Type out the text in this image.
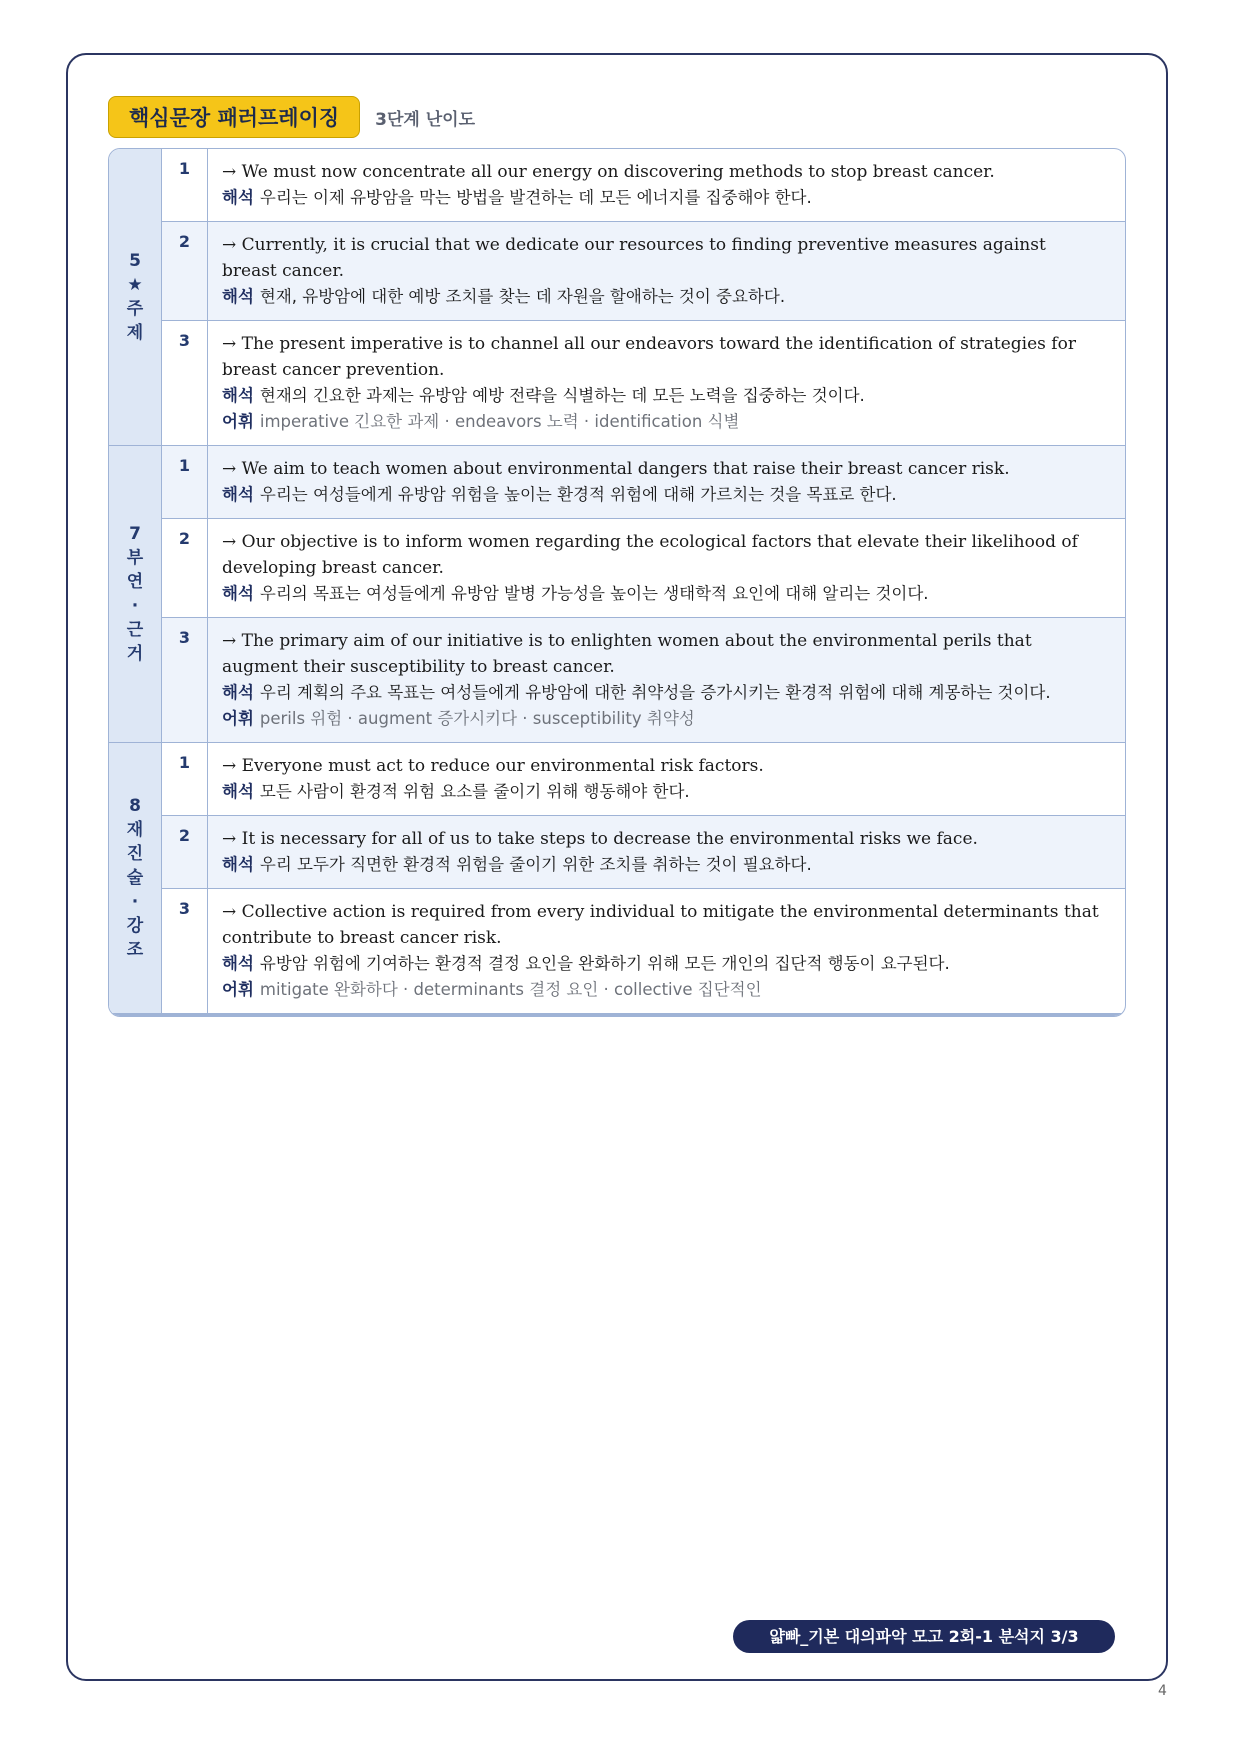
핵심문장 패러프레이징	3단계 난이도
5★주제
1	→ We must now concentrate all our energy on discovering methods to stop breast cancer.
해석 우리는 이제 유방암을 막는 방법을 발견하는 데 모든 에너지를 집중해야 한다.
2	→ Currently, it is crucial that we dedicate our resources to finding preventive measures against breast cancer.
해석 현재, 유방암에 대한 예방 조치를 찾는 데 자원을 할애하는 것이 중요하다.
3	→ The present imperative is to channel all our endeavors toward the identification of strategies for breast cancer prevention.
해석 현재의 긴요한 과제는 유방암 예방 전략을 식별하는 데 모든 노력을 집중하는 것이다.
어휘 imperative 긴요한 과제 · endeavors 노력 · identification 식별
7부연·근거
1	→ We aim to teach women about environmental dangers that raise their breast cancer risk.
해석 우리는 여성들에게 유방암 위험을 높이는 환경적 위험에 대해 가르치는 것을 목표로 한다.
2	→ Our objective is to inform women regarding the ecological factors that elevate their likelihood of developing breast cancer.
해석 우리의 목표는 여성들에게 유방암 발병 가능성을 높이는 생태학적 요인에 대해 알리는 것이다.
3	→ The primary aim of our initiative is to enlighten women about the environmental perils that augment their susceptibility to breast cancer.
해석 우리 계획의 주요 목표는 여성들에게 유방암에 대한 취약성을 증가시키는 환경적 위험에 대해 계몽하는 것이다.
어휘 perils 위험 · augment 증가시키다 · susceptibility 취약성
8재진술·강조
1	→ Everyone must act to reduce our environmental risk factors.
해석 모든 사람이 환경적 위험 요소를 줄이기 위해 행동해야 한다.
2	→ It is necessary for all of us to take steps to decrease the environmental risks we face.
해석 우리 모두가 직면한 환경적 위험을 줄이기 위한 조치를 취하는 것이 필요하다.
3	→ Collective action is required from every individual to mitigate the environmental determinants that contribute to breast cancer risk.
해석 유방암 위험에 기여하는 환경적 결정 요인을 완화하기 위해 모든 개인의 집단적 행동이 요구된다.
어휘 mitigate 완화하다 · determinants 결정 요인 · collective 집단적인
얇빠_기본 대의파악 모고 2회-1 분석지 3/3
4
